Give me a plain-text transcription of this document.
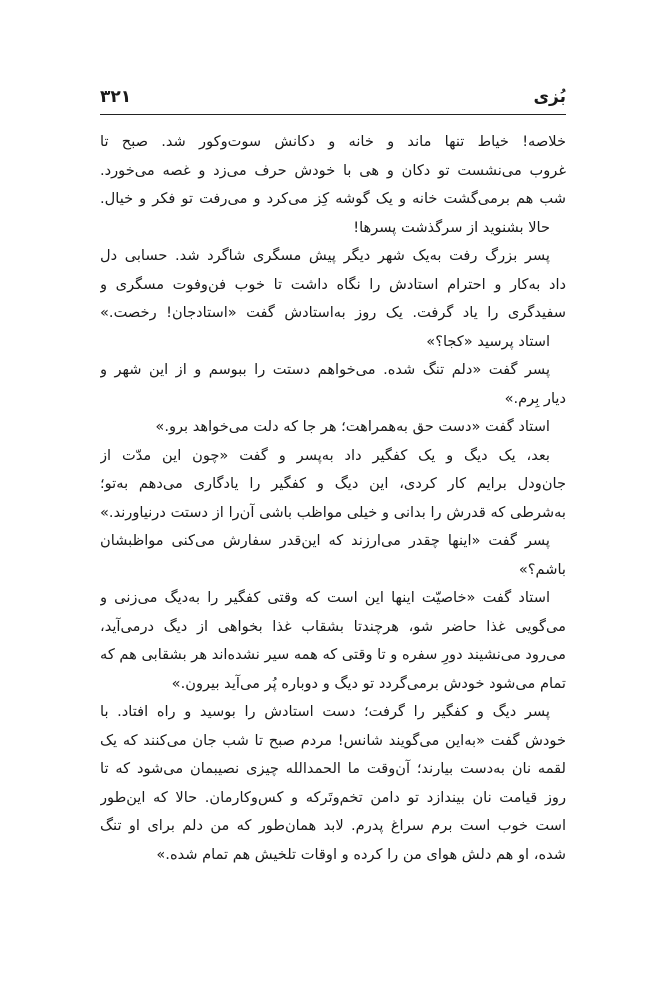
بُزی
۳۲۱
خلاصه! خیاط تنها ماند و خانه و دکانش سوت‌وکور شد. صبح تا
غروب می‌نشست تو دکان و هی با خودش حرف می‌زد و غصه می‌خورد.
شب هم برمی‌گشت خانه و یک گوشه کِز می‌کرد و می‌رفت تو فکر و خیال.
حالا بشنوید از سرگذشت پسرها!
پسر بزرگ رفت به‌یک شهر دیگر پیش مسگری شاگرد شد. حسابی دل
داد به‌کار و احترام استادش را نگاه داشت تا خوب فن‌وفوت مسگری و
سفیدگری را یاد گرفت. یک روز به‌استادش گفت «استادجان! رخصت.»
استاد پرسید «کجا؟»
پسر گفت «دلم تنگ شده. می‌خواهم دستت را ببوسم و از این شهر و
دیار بِرم.»
استاد گفت «دست حق به‌همراهت؛ هر جا که دلت می‌خواهد برو.»
بعد، یک دیگ و یک کفگیر داد به‌پسر و گفت «چون این مدّت از
جان‌ودل برایم کار کردی، این دیگ و کفگیر را یادگاری می‌دهم به‌تو؛
به‌شرطی که قدرش را بدانی و خیلی مواظب باشی آن‌را از دستت درنیاورند.»
پسر گفت «اینها چقدر می‌ارزند که این‌قدر سفارش می‌کنی مواظبشان
باشم؟»
استاد گفت «خاصیّت اینها این است که وقتی کفگیر را به‌دیگ می‌زنی و
می‌گویی غذا حاضر شو، هرچندتا بشقاب غذا بخواهی از دیگ درمی‌آید،
می‌رود می‌نشیند دورِ سفره و تا وقتی که همه سیر نشده‌اند هر بشقابی هم که
تمام می‌شود خودش برمی‌گردد تو دیگ و دوباره پُر می‌آید بیرون.»
پسر دیگ و کفگیر را گرفت؛ دست استادش را بوسید و راه افتاد. با
خودش گفت «به‌این می‌گویند شانس! مردم صبح تا شب جان می‌کنند که یک
لقمه نان به‌دست بیارند؛ آن‌وقت ما الحمدالله چیزی نصیبمان می‌شود که تا
روز قیامت نان بیندازد تو دامن تخم‌وتَرکه و کس‌وکارمان. حالا که این‌طور
است خوب است برم سراغ پدرم. لابد همان‌طور که من دلم برای او تنگ
شده، او هم دلش هوای من را کرده و اوقات تلخیش هم تمام شده.»
